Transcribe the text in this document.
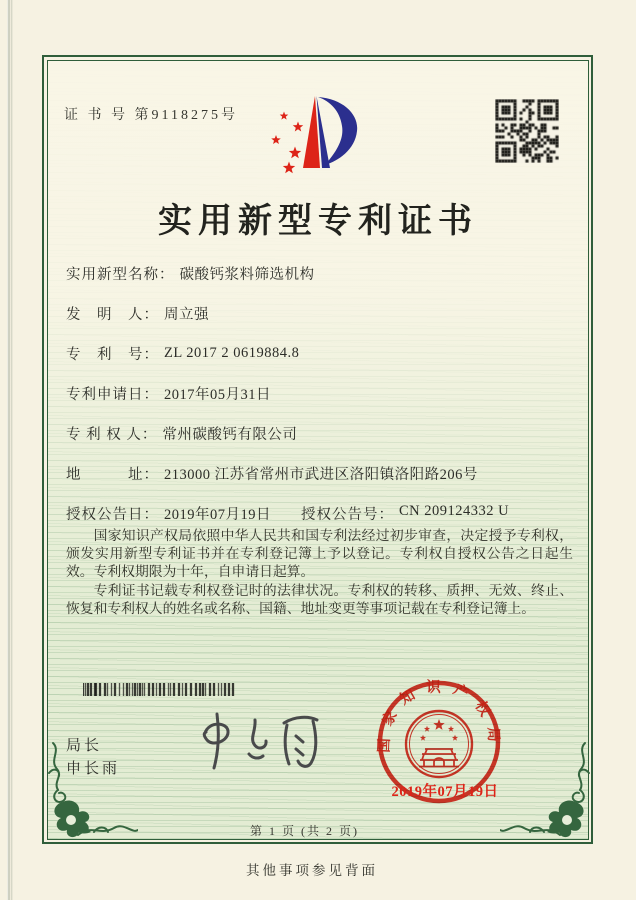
证 书 号 第9118275号
实用新型专利证书
实用新型名称： 碳酸钙浆料筛选机构
发　明　人： 周立强
专　利　号： ZL 2017 2 0619884.8
专利申请日： 2017年05月31日
专 利 权 人： 常州碳酸钙有限公司
地　　　址： 213000 江苏省常州市武进区洛阳镇洛阳路206号
授权公告日： 2019年07月19日 授权公告号： CN 209124332 U

国家知识产权局依照中华人民共和国专利法经过初步审查，决定授予专利权，颁发实用新型专利证书并在专利登记簿上予以登记。专利权自授权公告之日起生效。专利权期限为十年，自申请日起算。

专利证书记载专利权登记时的法律状况。专利权的转移、质押、无效、终止、恢复和专利权人的姓名或名称、国籍、地址变更等事项记载在专利登记簿上。

局长
申长雨
国家知识产权局
2019年07月19日
第 1 页 (共 2 页)
其他事项参见背面
